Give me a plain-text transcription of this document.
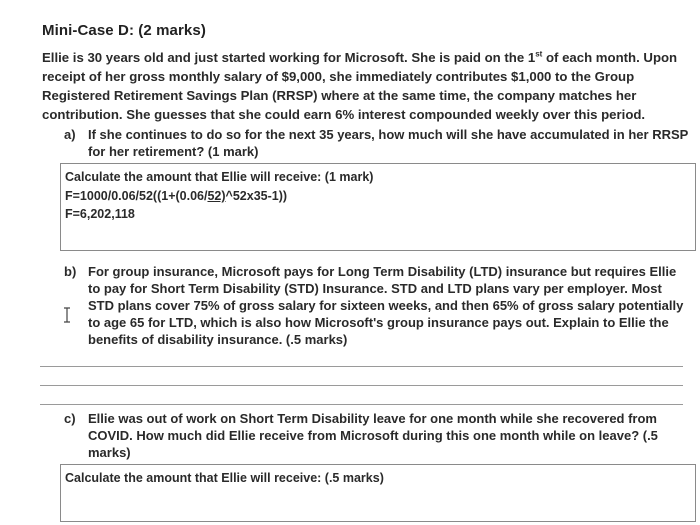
Mini-Case D: (2 marks)
Ellie is 30 years old and just started working for Microsoft. She is paid on the 1st of each month. Upon
receipt of her gross monthly salary of $9,000, she immediately contributes $1,000 to the Group
Registered Retirement Savings Plan (RRSP) where at the same time, the company matches her
contribution. She guesses that she could earn 6% interest compounded weekly over this period.
a) If she continues to do so for the next 35 years, how much will she have accumulated in her RRSP
for her retirement? (1 mark)
Calculate the amount that Ellie will receive: (1 mark)
F=1000/0.06/52((1+(0.06/52)^52x35-1))
F=6,202,118
b) For group insurance, Microsoft pays for Long Term Disability (LTD) insurance but requires Ellie
to pay for Short Term Disability (STD) Insurance. STD and LTD plans vary per employer. Most
STD plans cover 75% of gross salary for sixteen weeks, and then 65% of gross salary potentially
to age 65 for LTD, which is also how Microsoft's group insurance pays out. Explain to Ellie the
benefits of disability insurance. (.5 marks)
c) Ellie was out of work on Short Term Disability leave for one month while she recovered from
COVID. How much did Ellie receive from Microsoft during this one month while on leave? (.5
marks)
Calculate the amount that Ellie will receive: (.5 marks)
